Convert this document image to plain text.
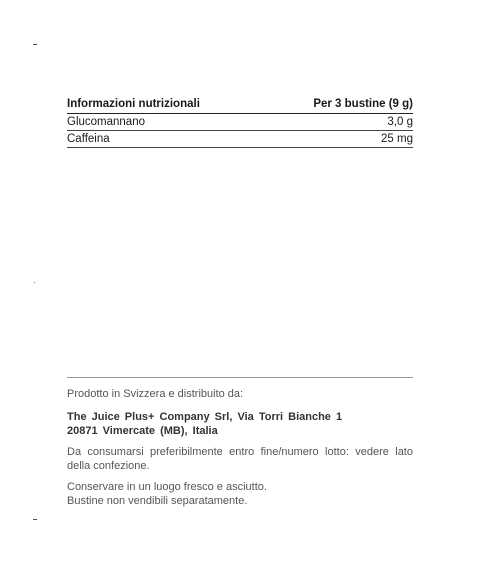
Informazioni nutrizionali	Per 3 bustine (9 g)
Glucomannano	3,0 g
Caffeina	25 mg

Prodotto in Svizzera e distribuito da:

The Juice Plus+ Company Srl, Via Torri Bianche 1

20871 Vimercate (MB), Italia

Da consumarsi preferibilmente entro fine/numero lotto: vedere lato della confezione.

Conservare in un luogo fresco e asciutto.

Bustine non vendibili separatamente.
